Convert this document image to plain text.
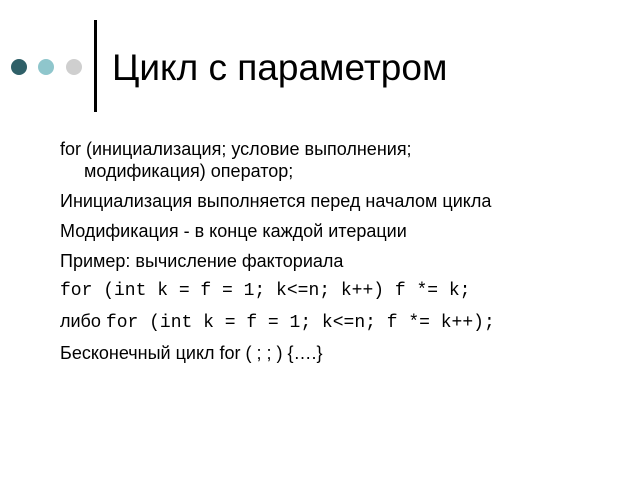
Цикл с параметром
for (инициализация; условие выполнения;
модификация) оператор;
Инициализация выполняется перед началом цикла
Модификация - в конце каждой итерации
Пример: вычисление факториала
for (int k = f = 1; k<=n; k++) f *= k;
либо for (int k = f = 1; k<=n; f *= k++);
Бесконечный цикл for ( ; ; ) {….}
